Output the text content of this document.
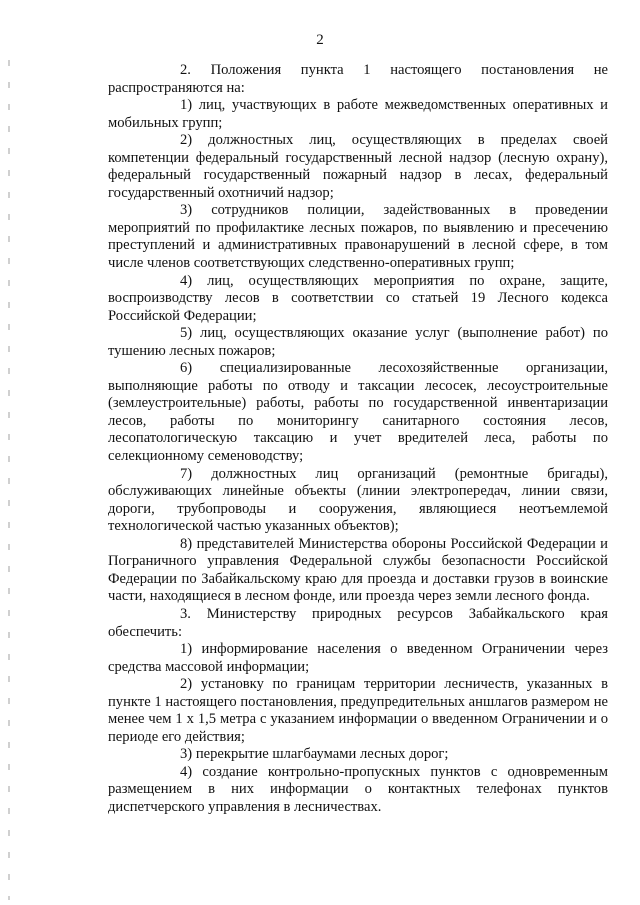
2

2. Положения пункта 1 настоящего постановления не распространяются на:

1) лиц, участвующих в работе межведомственных оперативных и мобильных групп;

2) должностных лиц, осуществляющих в пределах своей компетенции федеральный государственный лесной надзор (лесную охрану), федеральный государственный пожарный надзор в лесах, федеральный государственный охотничий надзор;

3) сотрудников полиции, задействованных в проведении мероприятий по профилактике лесных пожаров, по выявлению и пресечению преступлений и административных правонарушений в лесной сфере, в том числе членов соответствующих следственно-оперативных групп;

4) лиц, осуществляющих мероприятия по охране, защите, воспроизводству лесов в соответствии со статьей 19 Лесного кодекса Российской Федерации;

5) лиц, осуществляющих оказание услуг (выполнение работ) по тушению лесных пожаров;

6) специализированные лесохозяйственные организации, выполняющие работы по отводу и таксации лесосек, лесоустроительные (землеустроительные) работы, работы по государственной инвентаризации лесов, работы по мониторингу санитарного состояния лесов, лесопатологическую таксацию и учет вредителей леса, работы по селекционному семеноводству;

7) должностных лиц организаций (ремонтные бригады), обслуживающих линейные объекты (линии электропередач, линии связи, дороги, трубопроводы и сооружения, являющиеся неотъемлемой технологической частью указанных объектов);

8) представителей Министерства обороны Российской Федерации и Пограничного управления Федеральной службы безопасности Российской Федерации по Забайкальскому краю для проезда и доставки грузов в воинские части, находящиеся в лесном фонде, или проезда через земли лесного фонда.

3. Министерству природных ресурсов Забайкальского края обеспечить:

1) информирование населения о введенном Ограничении через средства массовой информации;

2) установку по границам территории лесничеств, указанных в пункте 1 настоящего постановления, предупредительных аншлагов размером не менее чем 1 х 1,5 метра с указанием информации о введенном Ограничении и о периоде его действия;

3) перекрытие шлагбаумами лесных дорог;

4) создание контрольно-пропускных пунктов с одновременным размещением в них информации о контактных телефонах пунктов диспетчерского управления в лесничествах.
